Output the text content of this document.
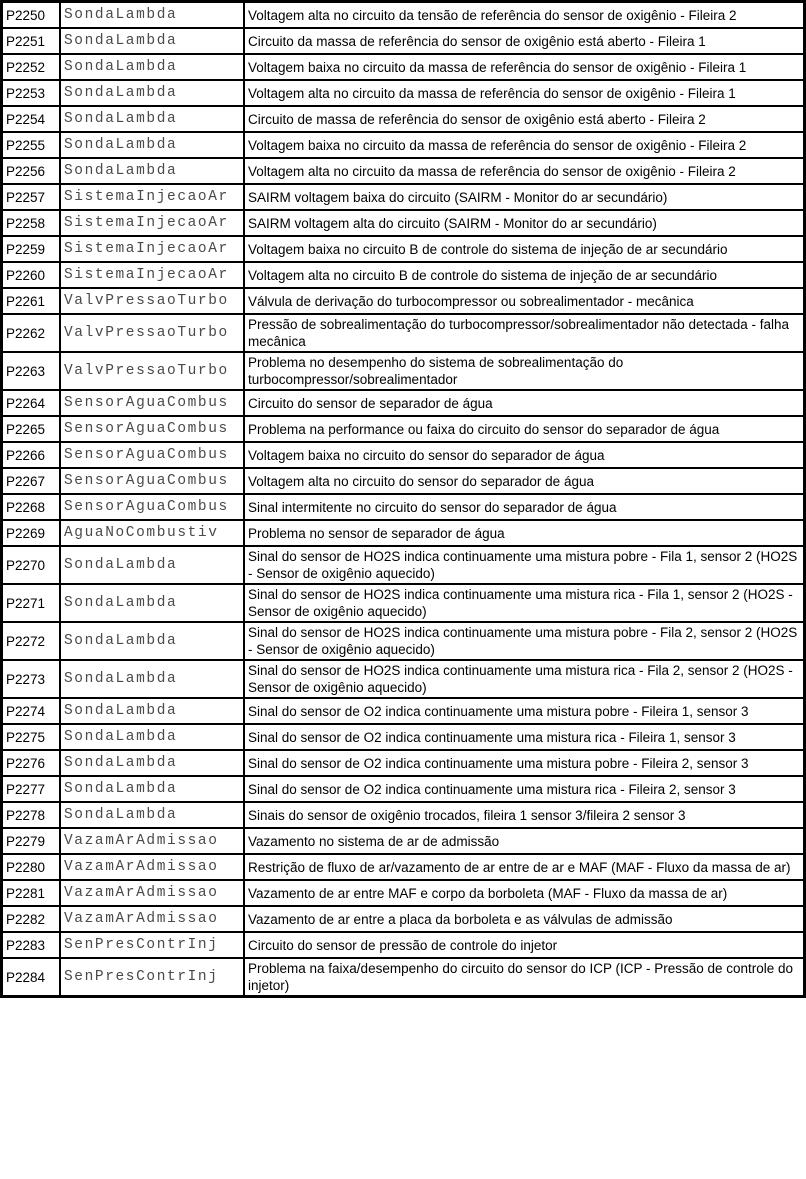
P2250	SondaLambda	Voltagem alta no circuito da tensão de referência do sensor de oxigênio - Fileira 2
P2251	SondaLambda	Circuito da massa de referência do sensor de oxigênio está aberto - Fileira 1
P2252	SondaLambda	Voltagem baixa no circuito da massa de referência do sensor de oxigênio - Fileira 1
P2253	SondaLambda	Voltagem alta no circuito da massa de referência do sensor de oxigênio - Fileira 1
P2254	SondaLambda	Circuito de massa de referência do sensor de oxigênio está aberto - Fileira 2
P2255	SondaLambda	Voltagem baixa no circuito da massa de referência do sensor de oxigênio - Fileira 2
P2256	SondaLambda	Voltagem alta no circuito da massa de referência do sensor de oxigênio - Fileira 2
P2257	SistemaInjecaoAr	SAIRM voltagem baixa do circuito (SAIRM - Monitor do ar secundário)
P2258	SistemaInjecaoAr	SAIRM voltagem alta do circuito (SAIRM - Monitor do ar secundário)
P2259	SistemaInjecaoAr	Voltagem baixa no circuito B de controle do sistema de injeção de ar secundário
P2260	SistemaInjecaoAr	Voltagem alta no circuito B de controle do sistema de injeção de ar secundário
P2261	ValvPressaoTurbo	Válvula de derivação do turbocompressor ou sobrealimentador - mecânica
P2262	ValvPressaoTurbo	Pressão de sobrealimentação do turbocompressor/sobrealimentador não detectada - falha mecânica
P2263	ValvPressaoTurbo	Problema no desempenho do sistema de sobrealimentação do turbocompressor/sobrealimentador
P2264	SensorAguaCombus	Circuito do sensor de separador de água
P2265	SensorAguaCombus	Problema na performance ou faixa do circuito do sensor do separador de água
P2266	SensorAguaCombus	Voltagem baixa no circuito do sensor do separador de água
P2267	SensorAguaCombus	Voltagem alta no circuito do sensor do separador de água
P2268	SensorAguaCombus	Sinal intermitente no circuito do sensor do separador de água
P2269	AguaNoCombustiv	Problema no sensor de separador de água
P2270	SondaLambda	Sinal do sensor de HO2S indica continuamente uma mistura pobre - Fila 1, sensor 2 (HO2S - Sensor de oxigênio aquecido)
P2271	SondaLambda	Sinal do sensor de HO2S indica continuamente uma mistura rica - Fila 1, sensor 2 (HO2S - Sensor de oxigênio aquecido)
P2272	SondaLambda	Sinal do sensor de HO2S indica continuamente uma mistura pobre - Fila 2, sensor 2 (HO2S - Sensor de oxigênio aquecido)
P2273	SondaLambda	Sinal do sensor de HO2S indica continuamente uma mistura rica - Fila 2, sensor 2 (HO2S - Sensor de oxigênio aquecido)
P2274	SondaLambda	Sinal do sensor de O2 indica continuamente uma mistura pobre - Fileira 1, sensor 3
P2275	SondaLambda	Sinal do sensor de O2 indica continuamente uma mistura rica - Fileira 1, sensor 3
P2276	SondaLambda	Sinal do sensor de O2 indica continuamente uma mistura pobre - Fileira 2, sensor 3
P2277	SondaLambda	Sinal do sensor de O2 indica continuamente uma mistura rica - Fileira 2, sensor 3
P2278	SondaLambda	Sinais do sensor de oxigênio trocados, fileira 1 sensor 3/fileira 2 sensor 3
P2279	VazamArAdmissao	Vazamento no sistema de ar de admissão
P2280	VazamArAdmissao	Restrição de fluxo de ar/vazamento de ar entre de ar e MAF (MAF - Fluxo da massa de ar)
P2281	VazamArAdmissao	Vazamento de ar entre MAF e corpo da borboleta (MAF - Fluxo da massa de ar)
P2282	VazamArAdmissao	Vazamento de ar entre a placa da borboleta e as válvulas de admissão
P2283	SenPresContrInj	Circuito do sensor de pressão de controle do injetor
P2284	SenPresContrInj	Problema na faixa/desempenho do circuito do sensor do ICP (ICP - Pressão de controle do injetor)
